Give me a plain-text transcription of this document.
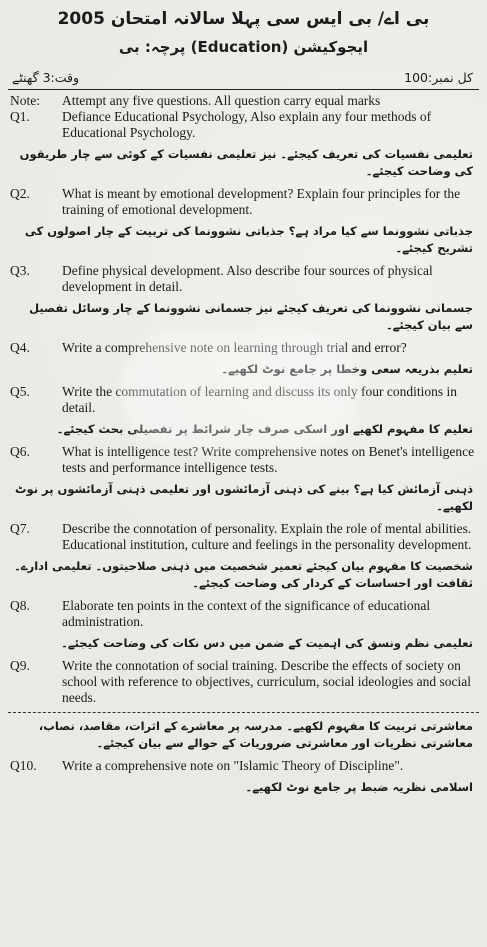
بی اے/ بی ایس سی پہلا سالانہ امتحان 2005
ایجوکیشن (Education) پرچہ: بی
کل نمبر:100
وقت:3 گھنٹے
Note:	Attempt any five questions. All question carry equal marks
Q1.	Defiance Educational Psychology, Also explain any four methods of Educational Psychology.
تعلیمی نفسیات کی تعریف کیجئے۔ نیز تعلیمی نفسیات کے کوئی سے چار طریقوں کی وضاحت کیجئے۔
Q2.	What is meant by emotional development? Explain four principles for the training of emotional development.
جذباتی نشوونما سے کیا مراد ہے؟ جذباتی نشوونما کی تربیت کے چار اصولوں کی تشریح کیجئے۔
Q3.	Define physical development. Also describe four sources of physical development in detail.
جسمانی نشوونما کی تعریف کیجئے نیز جسمانی نشوونما کے چار وسائل تفصیل سے بیان کیجئے۔
Q4.	Write a comprehensive note on learning through trial and error?
تعلیم بذریعہ سعی وخطا پر جامع نوٹ لکھیے۔
Q5.	Write the commutation of learning and discuss its only four conditions in detail.
تعلیم کا مفہوم لکھیے اور اسکی صرف چار شرائط پر تفصیلی بحث کیجئے۔
Q6.	What is intelligence test? Write comprehensive notes on Benet's intelligence tests and performance intelligence tests.
ذہنی آزمائش کیا ہے؟ بینے کی ذہنی آزمائشوں اور تعلیمی ذہنی آزمائشوں پر نوٹ لکھیے۔
Q7.	Describe the connotation of personality. Explain the role of mental abilities. Educational institution, culture and feelings in the personality development.
شخصیت کا مفہوم بیان کیجئے تعمیر شخصیت میں ذہنی صلاحیتوں۔ تعلیمی ادارے۔ ثقافت اور احساسات کے کردار کی وضاحت کیجئے۔
Q8.	Elaborate ten points in the context of the significance of educational administration.
تعلیمی نظم ونسق کی اہمیت کے ضمن میں دس نکات کی وضاحت کیجئے۔
Q9.	Write the connotation of social training. Describe the effects of society on school with reference to objectives, curriculum, social ideologies and social needs.
معاشرتی تربیت کا مفہوم لکھیے۔ مدرسہ پر معاشرے کے اثرات، مقاصد، نصاب، معاشرتی نظریات اور معاشرتی ضروریات کے حوالے سے بیان کیجئے۔
Q10.	Write a comprehensive note on "Islamic Theory of Discipline".
اسلامی نظریہ ضبط پر جامع نوٹ لکھیے۔
